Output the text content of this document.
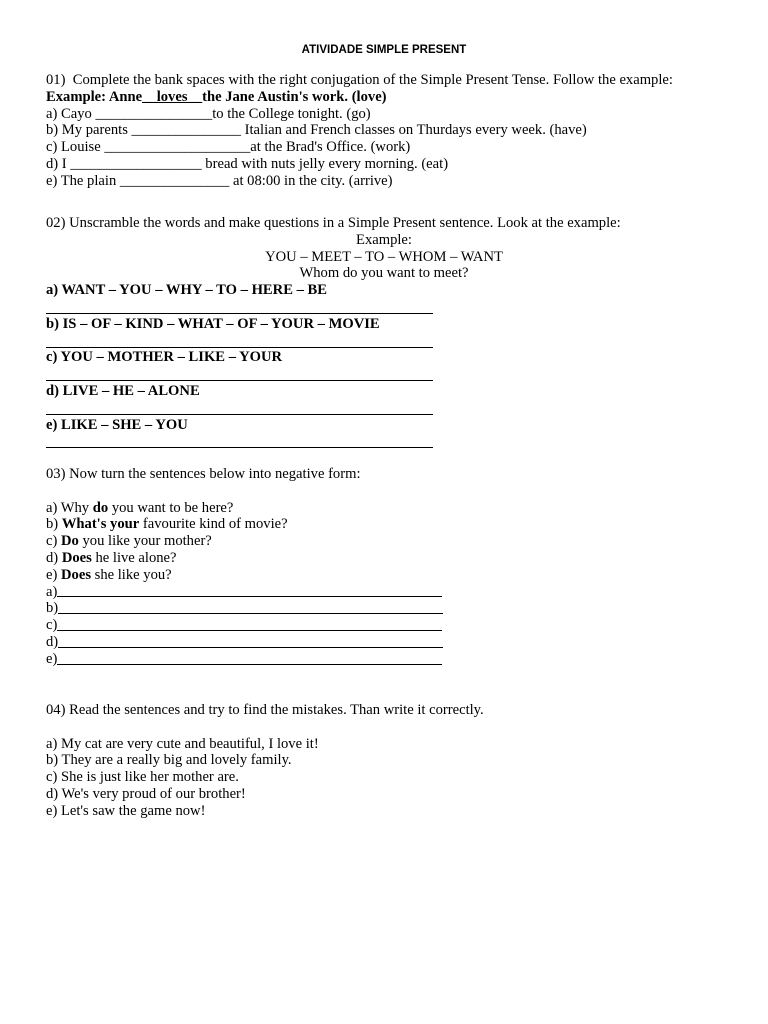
ATIVIDADE SIMPLE PRESENT
01)  Complete the bank spaces with the right conjugation of the Simple Present Tense. Follow the example:
Example: Anne__loves__the Jane Austin's work. (love)
a) Cayo ________________to the College tonight. (go)
b) My parents _______________ Italian and French classes on Thurdays every week. (have)
c) Louise ____________________at the Brad's Office. (work)
d) I __________________ bread with nuts jelly every morning. (eat)
e) The plain _______________ at 08:00 in the city. (arrive)
02) Unscramble the words and make questions in a Simple Present sentence. Look at the example:
Example:
YOU – MEET – TO – WHOM – WANT
Whom do you want to meet?
a) WANT – YOU – WHY – TO – HERE – BE
b) IS – OF – KIND – WHAT – OF – YOUR – MOVIE
c) YOU – MOTHER – LIKE – YOUR
d) LIVE – HE – ALONE
e) LIKE – SHE – YOU
03) Now turn the sentences below into negative form:
a) Why do you want to be here?
b) What's your favourite kind of movie?
c) Do you like your mother?
d) Does he live alone?
e) Does she like you?
a)
b)
c)
d)
e)
04) Read the sentences and try to find the mistakes. Than write it correctly.
a) My cat are very cute and beautiful, I love it!
b) They are a really big and lovely family.
c) She is just like her mother are.
d) We's very proud of our brother!
e) Let's saw the game now!
